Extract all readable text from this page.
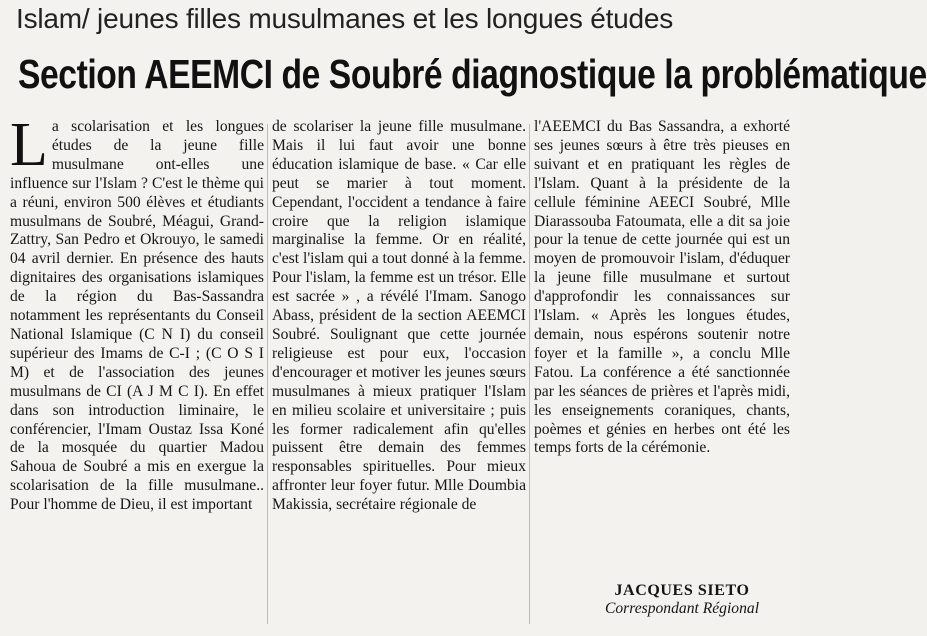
Islam/ jeunes filles musulmanes et les longues études
Section AEEMCI de Soubré diagnostique la problématique
La scolarisation et les longues études de la jeune fille musulmane ont-elles une influence sur l'Islam ? C'est le thème qui a réuni, environ 500 élèves et étudiants musulmans de Soubré, Méagui, Grand-Zattry, San Pedro et Okrouyo, le samedi 04 avril dernier. En présence des hauts dignitaires des organisations islamiques de la région du Bas-Sassandra notamment les représentants du Conseil National Islamique (C N I) du conseil supérieur des Imams de C-I ; (C O S I M) et de l'association des jeunes musulmans de CI (A J M C I). En effet dans son introduction liminaire, le conférencier, l'Imam Oustaz Issa Koné de la mosquée du quartier Madou Sahoua de Soubré a mis en exergue la scolarisation de la fille musulmane.. Pour l'homme de Dieu, il est important
de scolariser la jeune fille musulmane. Mais il lui faut avoir une bonne éducation islamique de base. « Car elle peut se marier à tout moment. Cependant, l'occident a tendance à faire croire que la religion islamique marginalise la femme. Or en réalité, c'est l'islam qui a tout donné à la femme. Pour l'islam, la femme est un trésor. Elle est sacrée » , a révélé l'Imam. Sanogo Abass, président de la section AEEMCI Soubré. Soulignant que cette journée religieuse est pour eux, l'occasion d'encourager et motiver les jeunes sœurs musulmanes à mieux pratiquer l'Islam en milieu scolaire et universitaire ; puis les former radicalement afin qu'elles puissent être demain des femmes responsables spirituelles. Pour mieux affronter leur foyer futur. Mlle Doumbia Makissia, secrétaire régionale de
l'AEEMCI du Bas Sassandra, a exhorté ses jeunes sœurs à être très pieuses en suivant et en pratiquant les règles de l'Islam. Quant à la présidente de la cellule féminine AEECI Soubré, Mlle Diarassouba Fatoumata, elle a dit sa joie pour la tenue de cette journée qui est un moyen de promouvoir l'islam, d'éduquer la jeune fille musulmane et surtout d'approfondir les connaissances sur l'Islam. « Après les longues études, demain, nous espérons soutenir notre foyer et la famille », a conclu Mlle Fatou. La conférence a été sanctionnée par les séances de prières et l'après midi, les enseignements coraniques, chants, poèmes et génies en herbes ont été les temps forts de la cérémonie.
JACQUES SIETO
Correspondant Régional
